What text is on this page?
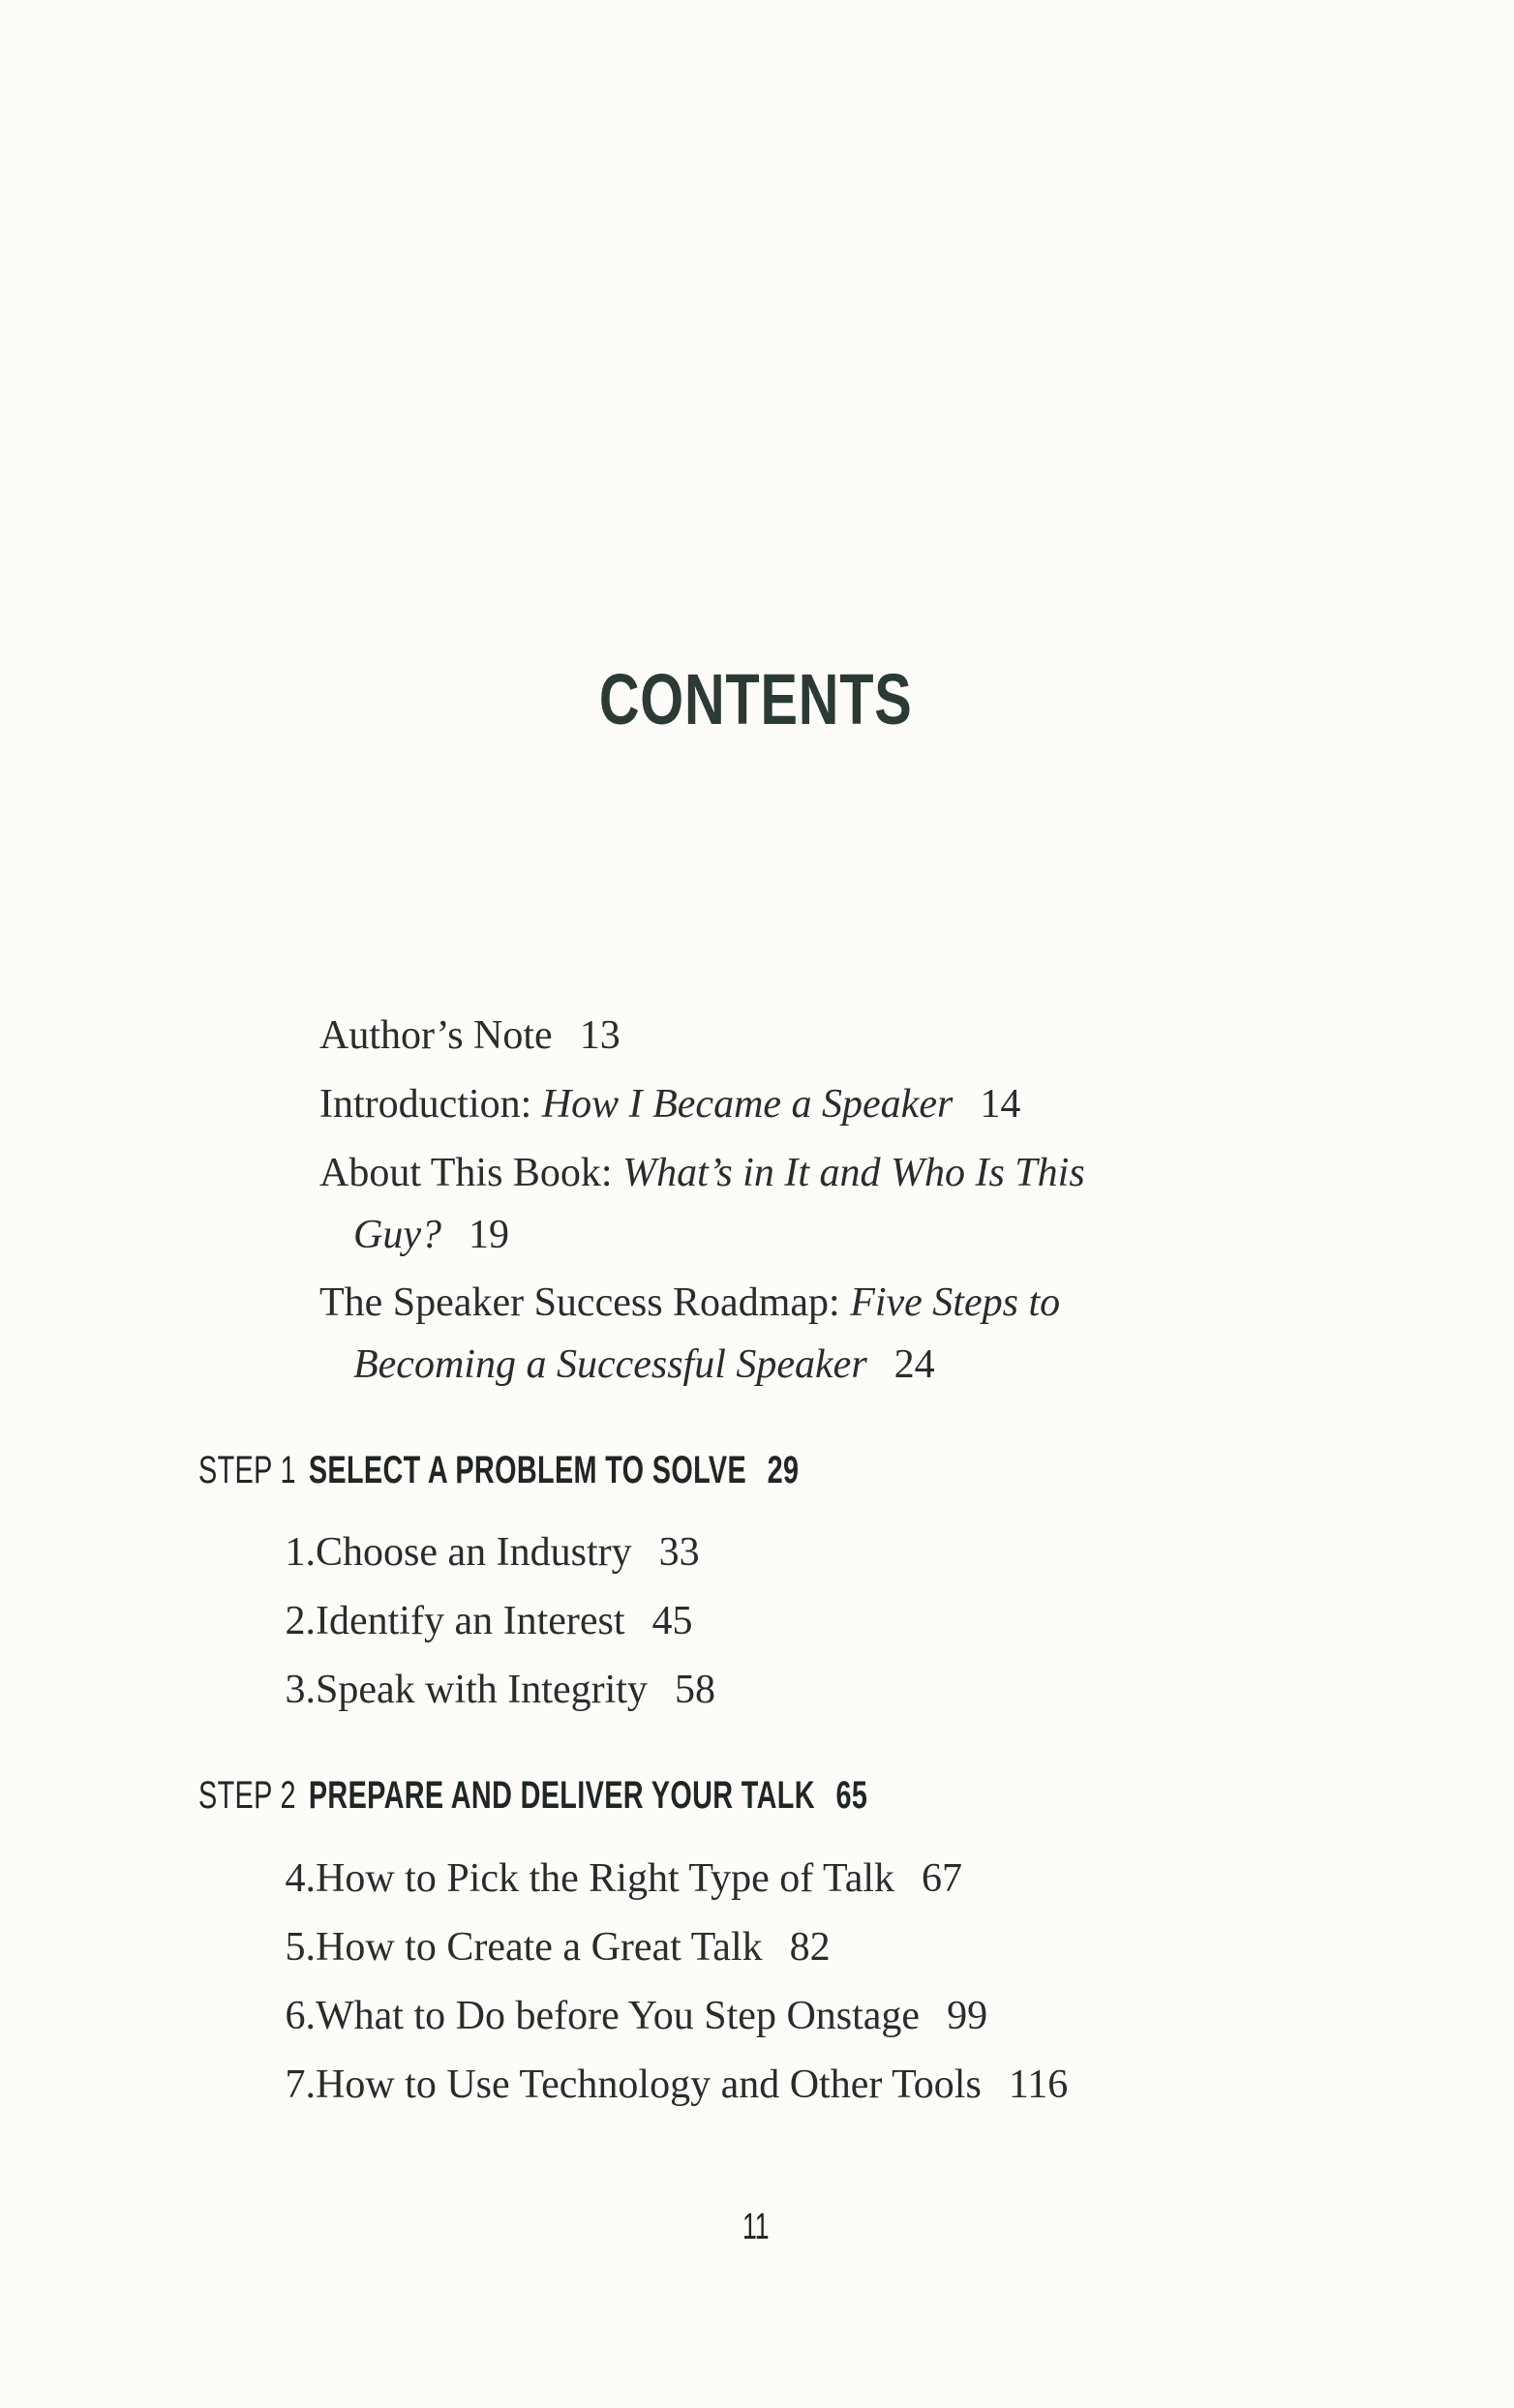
CONTENTS
Author’s Note 13
Introduction: How I Became a Speaker 14
About This Book: What’s in It and Who Is This
Guy? 19
The Speaker Success Roadmap: Five Steps to
Becoming a Successful Speaker 24
STEP 1 SELECT A PROBLEM TO SOLVE 29
1.Choose an Industry 33
2.Identify an Interest 45
3.Speak with Integrity 58
STEP 2 PREPARE AND DELIVER YOUR TALK 65
4.How to Pick the Right Type of Talk 67
5.How to Create a Great Talk 82
6.What to Do before You Step Onstage 99
7.How to Use Technology and Other Tools 116
11
